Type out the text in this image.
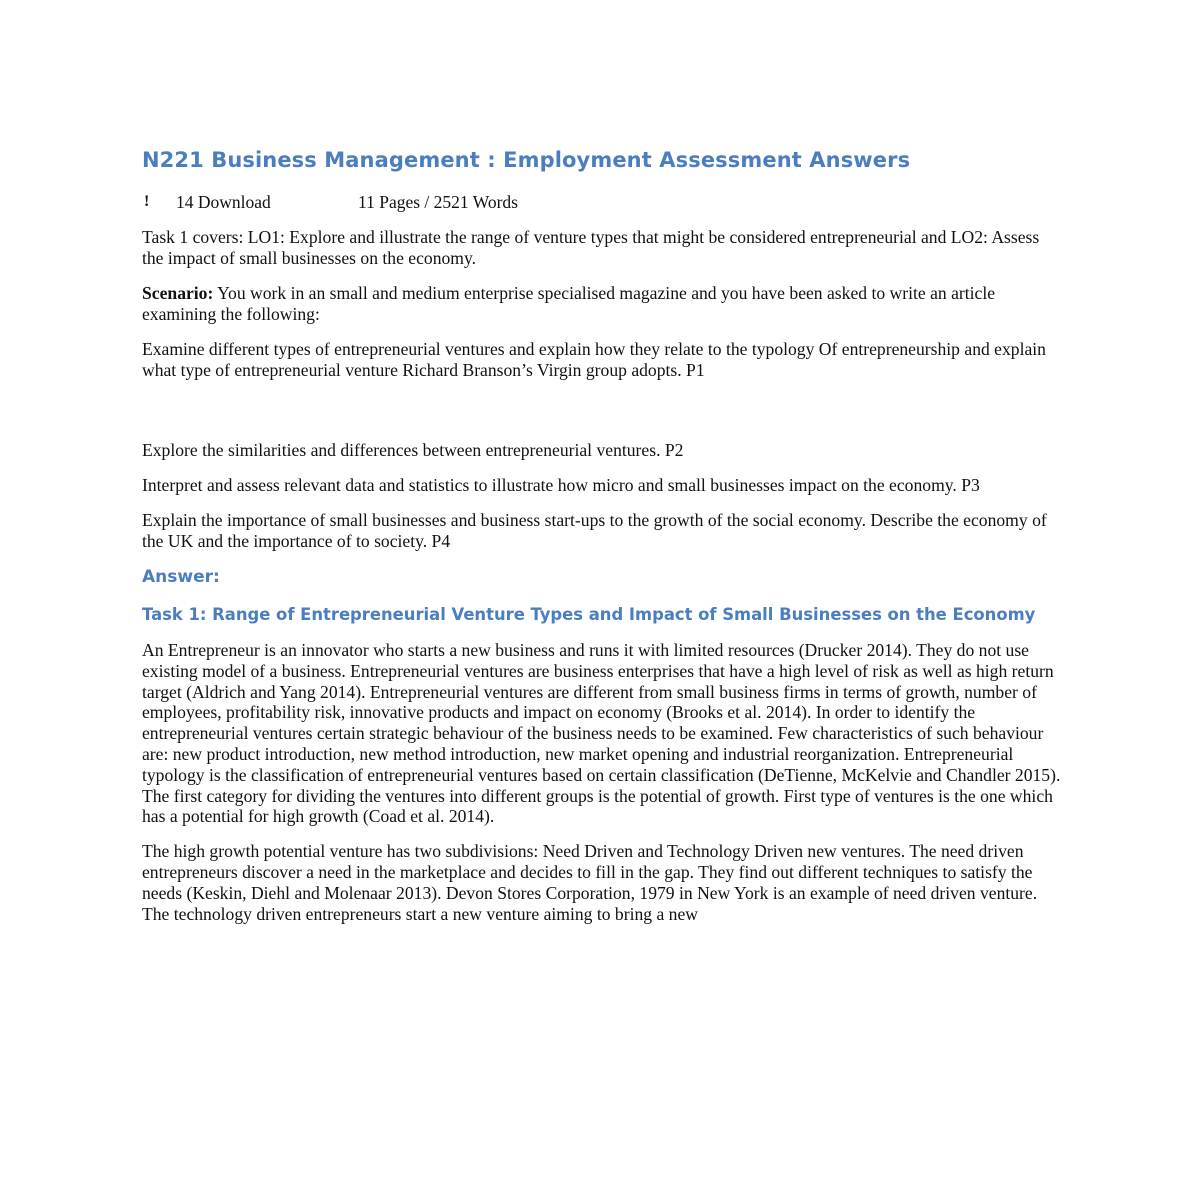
N221 Business Management : Employment Assessment Answers
!	14 Download	11 Pages / 2521 Words

Task 1 covers: LO1: Explore and illustrate the range of venture types that might be considered entrepreneurial and LO2: Assess the impact of small businesses on the economy.

Scenario: You work in an small and medium enterprise specialised magazine and you have been asked to write an article examining the following:

Examine different types of entrepreneurial ventures and explain how they relate to the typology Of entrepreneurship and explain what type of entrepreneurial venture Richard Branson’s Virgin group adopts. P1

Explore the similarities and differences between entrepreneurial ventures. P2

Interpret and assess relevant data and statistics to illustrate how micro and small businesses impact on the economy. P3

Explain the importance of small businesses and business start-ups to the growth of the social economy. Describe the economy of the UK and the importance of to society. P4

Answer:
Task 1: Range of Entrepreneurial Venture Types and Impact of Small Businesses on the Economy

An Entrepreneur is an innovator who starts a new business and runs it with limited resources (Drucker 2014). They do not use existing model of a business. Entrepreneurial ventures are business enterprises that have a high level of risk as well as high return target (Aldrich and Yang 2014). Entrepreneurial ventures are different from small business firms in terms of growth, number of employees, profitability risk, innovative products and impact on economy (Brooks et al. 2014). In order to identify the entrepreneurial ventures certain strategic behaviour of the business needs to be examined. Few characteristics of such behaviour are: new product introduction, new method introduction, new market opening and industrial reorganization. Entrepreneurial typology is the classification of entrepreneurial ventures based on certain classification (DeTienne, McKelvie and Chandler 2015). The first category for dividing the ventures into different groups is the potential of growth. First type of ventures is the one which has a potential for high growth (Coad et al. 2014).

The high growth potential venture has two subdivisions: Need Driven and Technology Driven new ventures. The need driven entrepreneurs discover a need in the marketplace and decides to fill in the gap. They find out different techniques to satisfy the needs (Keskin, Diehl and Molenaar 2013). Devon Stores Corporation, 1979 in New York is an example of need driven venture. The technology driven entrepreneurs start a new venture aiming to bring a new
